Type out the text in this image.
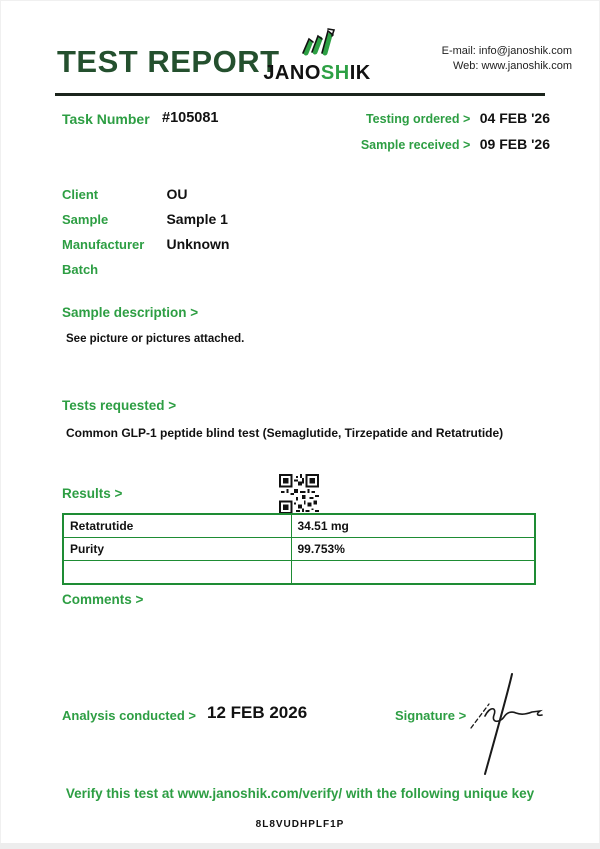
TEST REPORT
JANOSHIK
E-mail: info@janoshik.com
Web: www.janoshik.com
Task Number #105081	Testing ordered > 04 FEB '26
Sample received > 09 FEB '26
Client	OU
Sample	Sample 1
Manufacturer Unknown
Batch
Sample description >
See picture or pictures attached.
Tests requested >
Common GLP-1 peptide blind test (Semaglutide, Tirzepatide and Retatrutide)
Results >
Retatrutide	34.51 mg
Purity	99.753%

Comments >
Analysis conducted > 12 FEB 2026	Signature >
Verify this test at www.janoshik.com/verify/ with the following unique key
8L8VUDHPLF1P
